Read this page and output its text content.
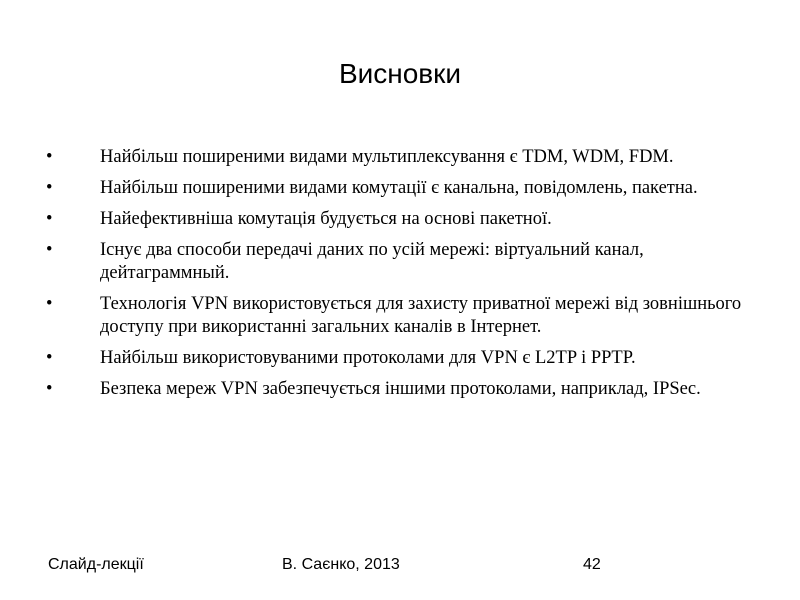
Висновки
•	Найбільш поширеними видами мультиплексування є TDM, WDM, FDM.
•	Найбільш поширеними видами комутації є канальна, повідомлень, пакетна.
•	Найефективніша комутація будується на основі пакетної.
•	Існує два способи передачі даних по усій мережі: віртуальний канал, дейтаграммный.
•	Технологія VPN використовується для захисту приватної мережі від зовнішнього доступу при використанні загальних каналів в Інтернет.
•	Найбільш використовуваними протоколами для VPN є L2TP і PPTP.
•	Безпека мереж VPN забезпечується іншими протоколами, наприклад, IPSec.
Слайд-лекції	В. Саєнко, 2013	42
